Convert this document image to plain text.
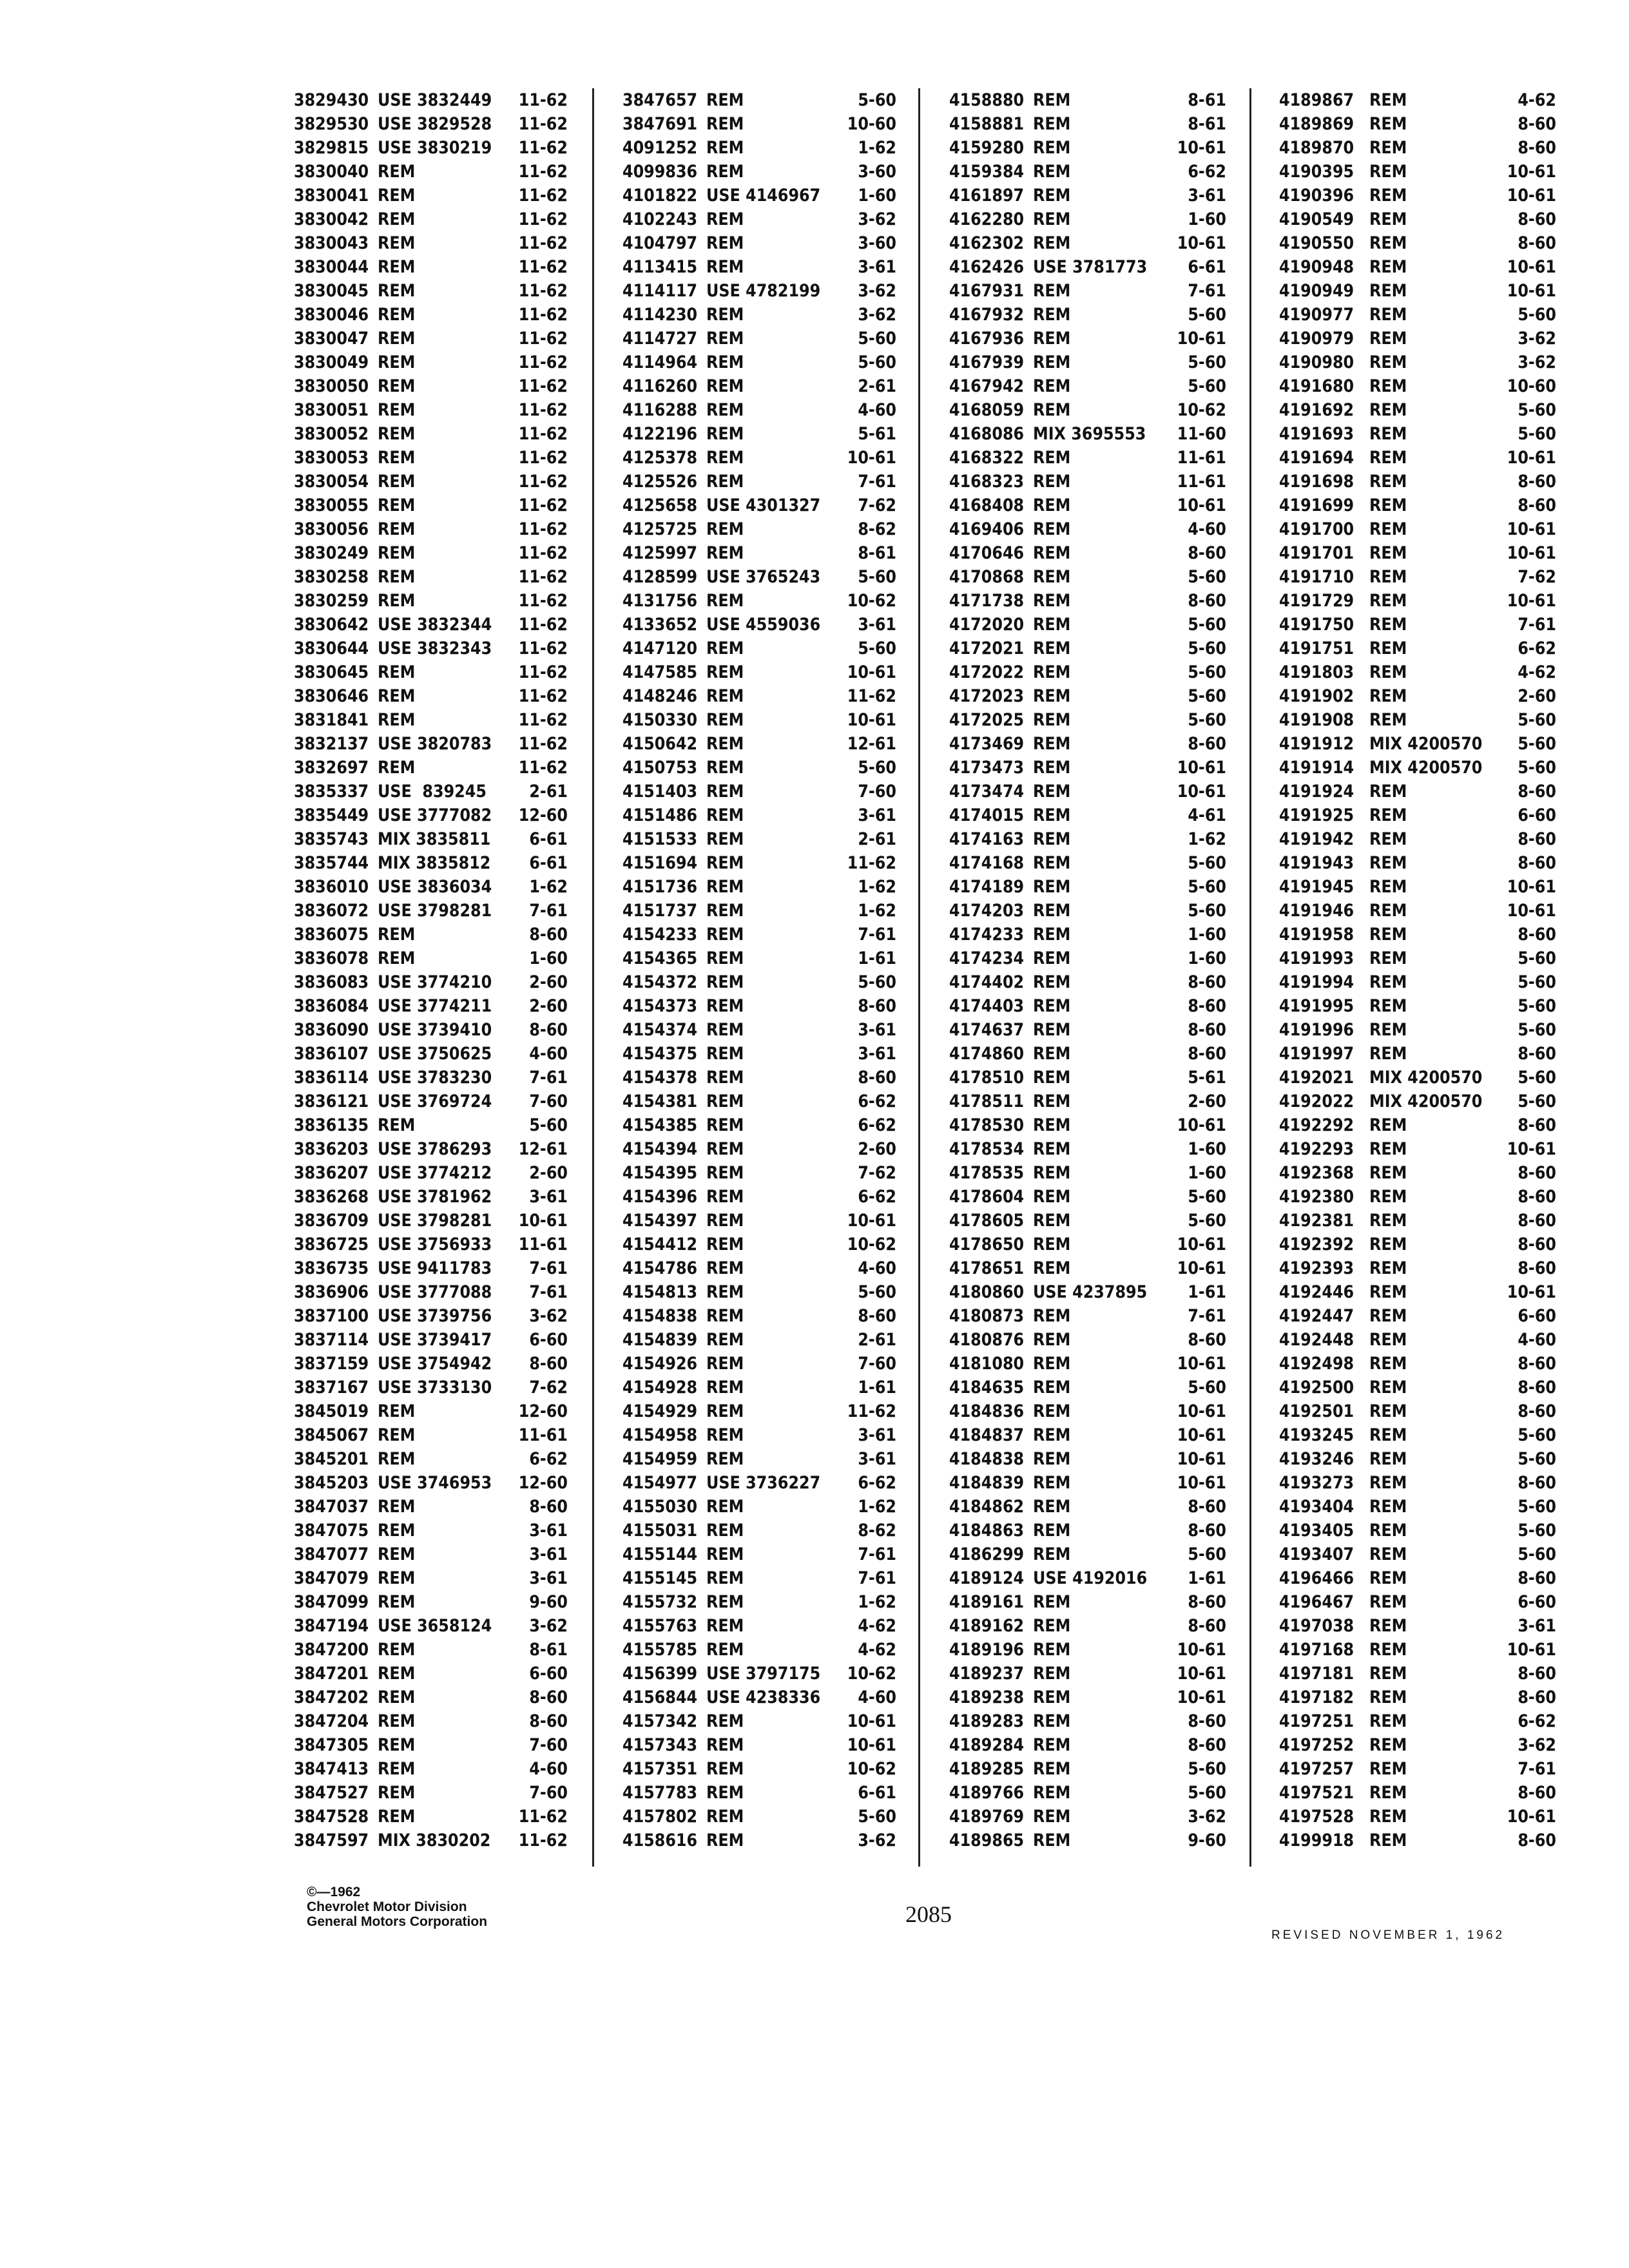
3829430 USE 3832449 11-62
3829530 USE 3829528 11-62
3829815 USE 3830219 11-62
3830040 REM	11-62
3830041 REM	11-62
3830042 REM	11-62
3830043 REM	11-62
3830044 REM	11-62
3830045 REM	11-62
3830046 REM	11-62
3830047 REM	11-62
3830049 REM	11-62
3830050 REM	11-62
3830051 REM	11-62
3830052 REM	11-62
3830053 REM	11-62
3830054 REM	11-62
3830055 REM	11-62
3830056 REM	11-62
3830249 REM	11-62
3830258 REM	11-62
3830259 REM	11-62
3830642 USE 3832344 11-62
3830644 USE 3832343 11-62
3830645 REM	11-62
3830646 REM	11-62
3831841 REM	11-62
3832137 USE 3820783 11-62
3832697 REM	11-62
3835337 USE  839245	2-61
3835449 USE 3777082 12-60
3835743 MIX 3835811 6-61
3835744 MIX 3835812 6-61
3836010 USE 3836034 1-62
3836072 USE 3798281 7-61
3836075 REM	8-60
3836078 REM	1-60
3836083 USE 3774210 2-60
3836084 USE 3774211 2-60
3836090 USE 3739410 8-60
3836107 USE 3750625 4-60
3836114 USE 3783230 7-61
3836121 USE 3769724 7-60
3836135 REM	5-60
3836203 USE 3786293 12-61
3836207 USE 3774212 2-60
3836268 USE 3781962 3-61
3836709 USE 3798281 10-61
3836725 USE 3756933 11-61
3836735 USE 9411783 7-61
3836906 USE 3777088 7-61
3837100 USE 3739756 3-62
3837114 USE 3739417 6-60
3837159 USE 3754942 8-60
3837167 USE 3733130 7-62
3845019 REM	12-60
3845067 REM	11-61
3845201 REM	6-62
3845203 USE 3746953 12-60
3847037 REM	8-60
3847075 REM	3-61
3847077 REM	3-61
3847079 REM	3-61
3847099 REM	9-60
3847194 USE 3658124 3-62
3847200 REM	8-61
3847201 REM	6-60
3847202 REM	8-60
3847204 REM	8-60
3847305 REM	7-60
3847413 REM	4-60
3847527 REM	7-60
3847528 REM	11-62
3847597 MIX 3830202 11-62
3847657 REM	5-60
3847691 REM	10-60
4091252 REM	1-62
4099836 REM	3-60
4101822 USE 4146967 1-60
4102243 REM	3-62
4104797 REM	3-60
4113415 REM	3-61
4114117 USE 4782199 3-62
4114230 REM	3-62
4114727 REM	5-60
4114964 REM	5-60
4116260 REM	2-61
4116288 REM	4-60
4122196 REM	5-61
4125378 REM	10-61
4125526 REM	7-61
4125658 USE 4301327 7-62
4125725 REM	8-62
4125997 REM	8-61
4128599 USE 3765243 5-60
4131756 REM	10-62
4133652 USE 4559036 3-61
4147120 REM	5-60
4147585 REM	10-61
4148246 REM	11-62
4150330 REM	10-61
4150642 REM	12-61
4150753 REM	5-60
4151403 REM	7-60
4151486 REM	3-61
4151533 REM	2-61
4151694 REM	11-62
4151736 REM	1-62
4151737 REM	1-62
4154233 REM	7-61
4154365 REM	1-61
4154372 REM	5-60
4154373 REM	8-60
4154374 REM	3-61
4154375 REM	3-61
4154378 REM	8-60
4154381 REM	6-62
4154385 REM	6-62
4154394 REM	2-60
4154395 REM	7-62
4154396 REM	6-62
4154397 REM	10-61
4154412 REM	10-62
4154786 REM	4-60
4154813 REM	5-60
4154838 REM	8-60
4154839 REM	2-61
4154926 REM	7-60
4154928 REM	1-61
4154929 REM	11-62
4154958 REM	3-61
4154959 REM	3-61
4154977 USE 3736227 6-62
4155030 REM	1-62
4155031 REM	8-62
4155144 REM	7-61
4155145 REM	7-61
4155732 REM	1-62
4155763 REM	4-62
4155785 REM	4-62
4156399 USE 3797175 10-62
4156844 USE 4238336 4-60
4157342 REM	10-61
4157343 REM	10-61
4157351 REM	10-62
4157783 REM	6-61
4157802 REM	5-60
4158616 REM	3-62
4158880 REM	8-61
4158881 REM	8-61
4159280 REM	10-61
4159384 REM	6-62
4161897 REM	3-61
4162280 REM	1-60
4162302 REM	10-61
4162426 USE 3781773 6-61
4167931 REM	7-61
4167932 REM	5-60
4167936 REM	10-61
4167939 REM	5-60
4167942 REM	5-60
4168059 REM	10-62
4168086 MIX 3695553 11-60
4168322 REM	11-61
4168323 REM	11-61
4168408 REM	10-61
4169406 REM	4-60
4170646 REM	8-60
4170868 REM	5-60
4171738 REM	8-60
4172020 REM	5-60
4172021 REM	5-60
4172022 REM	5-60
4172023 REM	5-60
4172025 REM	5-60
4173469 REM	8-60
4173473 REM	10-61
4173474 REM	10-61
4174015 REM	4-61
4174163 REM	1-62
4174168 REM	5-60
4174189 REM	5-60
4174203 REM	5-60
4174233 REM	1-60
4174234 REM	1-60
4174402 REM	8-60
4174403 REM	8-60
4174637 REM	8-60
4174860 REM	8-60
4178510 REM	5-61
4178511 REM	2-60
4178530 REM	10-61
4178534 REM	1-60
4178535 REM	1-60
4178604 REM	5-60
4178605 REM	5-60
4178650 REM	10-61
4178651 REM	10-61
4180860 USE 4237895 1-61
4180873 REM	7-61
4180876 REM	8-60
4181080 REM	10-61
4184635 REM	5-60
4184836 REM	10-61
4184837 REM	10-61
4184838 REM	10-61
4184839 REM	10-61
4184862 REM	8-60
4184863 REM	8-60
4186299 REM	5-60
4189124 USE 4192016 1-61
4189161 REM	8-60
4189162 REM	8-60
4189196 REM	10-61
4189237 REM	10-61
4189238 REM	10-61
4189283 REM	8-60
4189284 REM	8-60
4189285 REM	5-60
4189766 REM	5-60
4189769 REM	3-62
4189865 REM	9-60
4189867 REM	4-62
4189869 REM	8-60
4189870 REM	8-60
4190395 REM	10-61
4190396 REM	10-61
4190549 REM	8-60
4190550 REM	8-60
4190948 REM	10-61
4190949 REM	10-61
4190977 REM	5-60
4190979 REM	3-62
4190980 REM	3-62
4191680 REM	10-60
4191692 REM	5-60
4191693 REM	5-60
4191694 REM	10-61
4191698 REM	8-60
4191699 REM	8-60
4191700 REM	10-61
4191701 REM	10-61
4191710 REM	7-62
4191729 REM	10-61
4191750 REM	7-61
4191751 REM	6-62
4191803 REM	4-62
4191902 REM	2-60
4191908 REM	5-60
4191912 MIX 4200570 5-60
4191914 MIX 4200570 5-60
4191924 REM	8-60
4191925 REM	6-60
4191942 REM	8-60
4191943 REM	8-60
4191945 REM	10-61
4191946 REM	10-61
4191958 REM	8-60
4191993 REM	5-60
4191994 REM	5-60
4191995 REM	5-60
4191996 REM	5-60
4191997 REM	8-60
4192021 MIX 4200570 5-60
4192022 MIX 4200570 5-60
4192292 REM	8-60
4192293 REM	10-61
4192368 REM	8-60
4192380 REM	8-60
4192381 REM	8-60
4192392 REM	8-60
4192393 REM	8-60
4192446 REM	10-61
4192447 REM	6-60
4192448 REM	4-60
4192498 REM	8-60
4192500 REM	8-60
4192501 REM	8-60
4193245 REM	5-60
4193246 REM	5-60
4193273 REM	8-60
4193404 REM	5-60
4193405 REM	5-60
4193407 REM	5-60
4196466 REM	8-60
4196467 REM	6-60
4197038 REM	3-61
4197168 REM	10-61
4197181 REM	8-60
4197182 REM	8-60
4197251 REM	6-62
4197252 REM	3-62
4197257 REM	7-61
4197521 REM	8-60
4197528 REM	10-61
4199918 REM	8-60
©—1962
Chevrolet Motor Division
General Motors Corporation	2085
REVISED NOVEMBER 1, 1962
